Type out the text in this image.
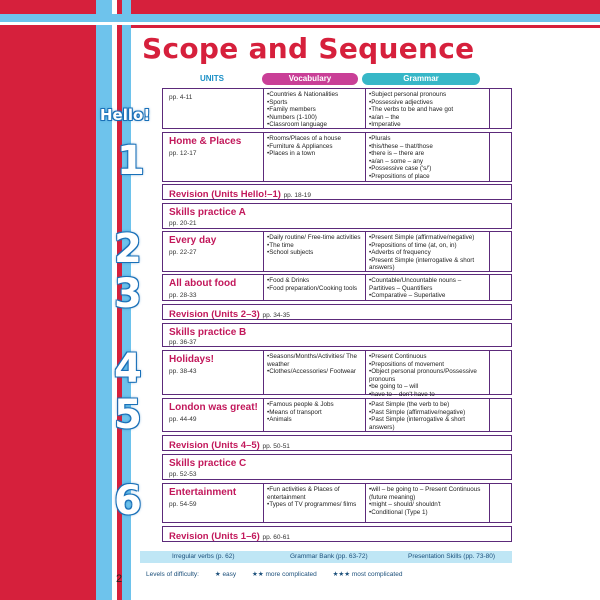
2
Scope and Sequence
UNITS	Vocabulary	Grammar
Hello!
1
2
3
4
5
6
pp. 4-11
•	Countries & Nationalities
• Sports
• Family members
• Numbers (1-100)
• Classroom language
• Subject personal pronouns
• Possessive adjectives
• The verbs to be and have got
• a/an – the
• Imperative
Home & Places
pp. 12-17
• Rooms/Places of a house
• Furniture & Appliances
• Places in a town
• Plurals
• this/these – that/those
• there is – there are
• a/an – some – any
• Possessive case ('s/')
• Prepositions of place
Revision (Units Hello!–1) pp. 18-19
Skills practice A
pp. 20-21
Every day
pp. 22-27
• Daily routine/ Free-time activities
• The time
• School subjects
• Present Simple (affirmative/negative)
• Prepositions of time (at, on, in)
• Adverbs of frequency
• Present Simple (interrogative & short answers)
All about food
pp. 28-33
• Food & Drinks
• Food preparation/Cooking tools
• Countable/Uncountable nouns – Partitives – Quantifiers
• Comparative – Superlative
Revision (Units 2–3) pp. 34-35
Skills practice B
pp. 36-37
Holidays!
pp. 38-43
• Seasons/Months/Activities/ The weather
• Clothes/Accessories/ Footwear
• Present Continuous
• Prepositions of movement
• Object personal pronouns/Possessive pronouns
• be going to – will
• have to – don't have to
London was great!
pp. 44-49
• Famous people & Jobs
• Means of transport
• Animals
• Past Simple (the verb to be)
• Past Simple (affirmative/negative)
• Past Simple (interrogative & short answers)
Revision (Units 4–5) pp. 50-51
Skills practice C
pp. 52-53
Entertainment
pp. 54-59
• Fun activities & Places of entertainment
• Types of TV programmes/ films
• will – be going to – Present Continuous (future meaning)
• might – should/ shouldn't
• Conditional (Type 1)
Revision (Units 1–6) pp. 60-61
Irregular verbs (p. 62)	Grammar Bank (pp. 63-72)	Presentation Skills (pp. 73-80)
Levels of difficulty: ★ easy ★★ more complicated ★★★ most complicated
